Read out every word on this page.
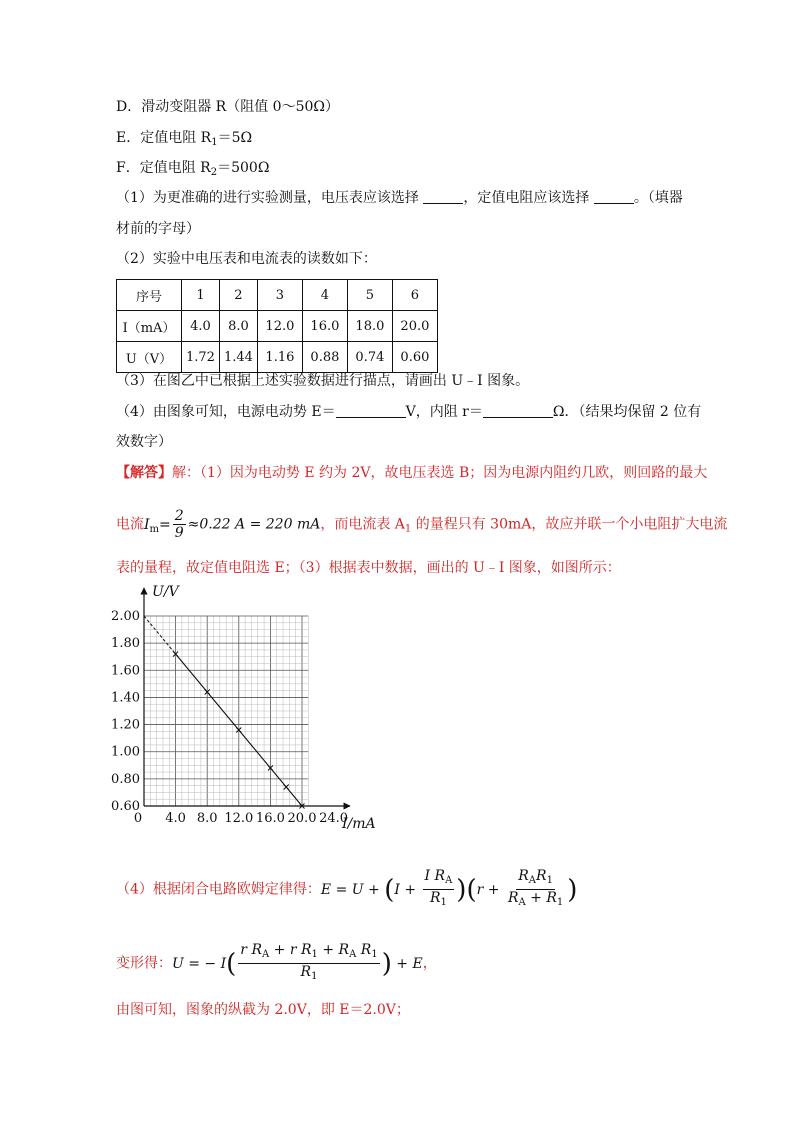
D．滑动变阻器 R（阻值 0～50Ω）
E．定值电阻 $R_1=5\Omega$
F．定值电阻 $R_2=500\Omega$
（1）为更准确的进行实验测量，电压表应该选择	，定值电阻应该选择	。（填器
材前的字母）
（2）实验中电压表和电流表的读数如下：
序号	1	2	3	4	5	6
I（mA）	4.0	8.0	12.0	16.0	18.0	20.0
U（V）	1.72	1.44	1.16	0.88	0.74	0.60
（3）在图乙中已根据上述实验数据进行描点，请画出 U﹣I 图象。
（4）由图象可知，电源电动势 E＝	V，内阻 r＝	Ω．（结果均保留 2 位有
效数字）
【解答】解：（1）因为电动势 E 约为 2V，故电压表选 B；因为电源内阻约几欧，则回路的最大
电流$I_m= \frac{2}{9} \approx 0.22$ A = 220 mA，而电流表 $A_1$ 的量程只有 30mA，故应并联一个小电阻扩大电流
表的量程，故定值电阻选 E；（3）根据表中数据，画出的 U﹣I 图象，如图所示：
0.60
0.80
1.00
1.20
1.40
1.60
1.80
2.00
0 4.0 8.0 12.0 16.0 20.0 24.0
U/V
I/mA
（4）根据闭合电路欧姆定律得：$E = U + (I + \frac{I R_A}{R_1} )(r + \frac{R_AR_1}{R_A + R_1}$ )
变形得：U = − $I( \frac{r R_A + r R_1 + R_A R_1}{R_1}$ ) + E，
由图可知，图象的纵截为 2.0V，即 E＝2.0V；
